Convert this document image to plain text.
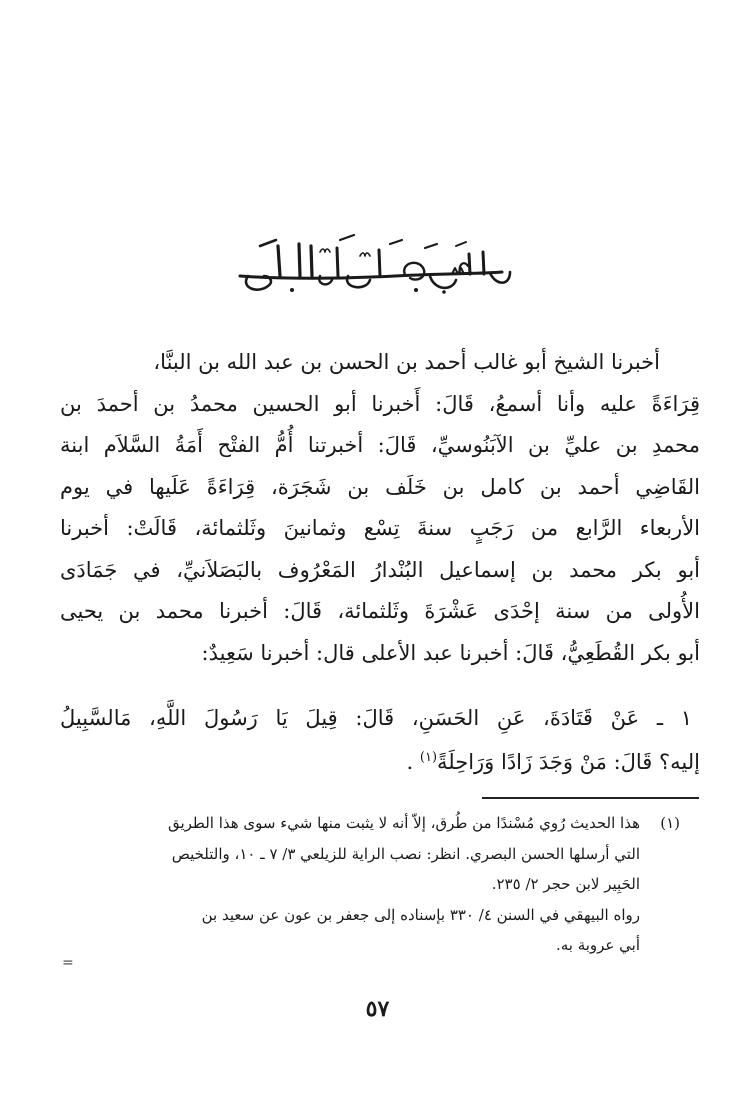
أخبرنا الشيخ أبو غالب أحمد بن الحسن بن عبد الله بن البنَّا،
قِرَاءَةً عليه وأنا أسمعُ، قَالَ: أَخبرنا أبو الحسين محمدُ بن أحمدَ بن
محمدِ بن عليِّ بن الآبَنُوسيِّ، قَالَ: أخبرتنا أُمُّ الفتْح أَمَةُ السَّلاَم ابنة
القَاضِي أحمد بن كامل بن خَلَف بن شَجَرَة، قِرَاءَةً عَلَيها في يوم
الأربعاء الرَّابع من رَجَبٍ سنةَ تِسْع وثمانينَ وثَلثمائة، قَالَتْ: أخبرنا
أبو بكر محمد بن إسماعيل البُنْدارُ المَعْرُوف بالبَصَلاَنيِّ، في جَمَادَى
الأُولى من سنة إحْدَى عَشْرَةَ وثَلثمائة، قَالَ: أخبرنا محمد بن يحيى
أبو بكر القُطَعِيُّ، قَالَ: أخبرنا عبد الأعلى قال: أخبرنا سَعِيدٌ:
١ ـ عَنْ قَتَادَةَ، عَنِ الحَسَنِ، قَالَ: قِيلَ يَا رَسُولَ اللَّهِ، مَالسَّبِيلُ
إليه؟ قَالَ: مَنْ وَجَدَ زَادًا وَرَاحِلَةً$^{(١)}$ .
(١)هذا الحديث رُوي مُسْندًا من طُرق، إلاّ أنه لا يثبت منها شيء سوى هذا الطريق
التي أرسلها الحسن البصري. انظر: نصب الراية للزيلعي ٣/ ٧ ـ ١٠، والتلخيص
الحَبِير لابن حجر ٢/ ٢٣٥.
رواه البيهقي في السنن ٤/ ٣٣٠ بإسناده إلى جعفر بن عون عن سعيد بن
أبي عروبة به.
=
٥٧
